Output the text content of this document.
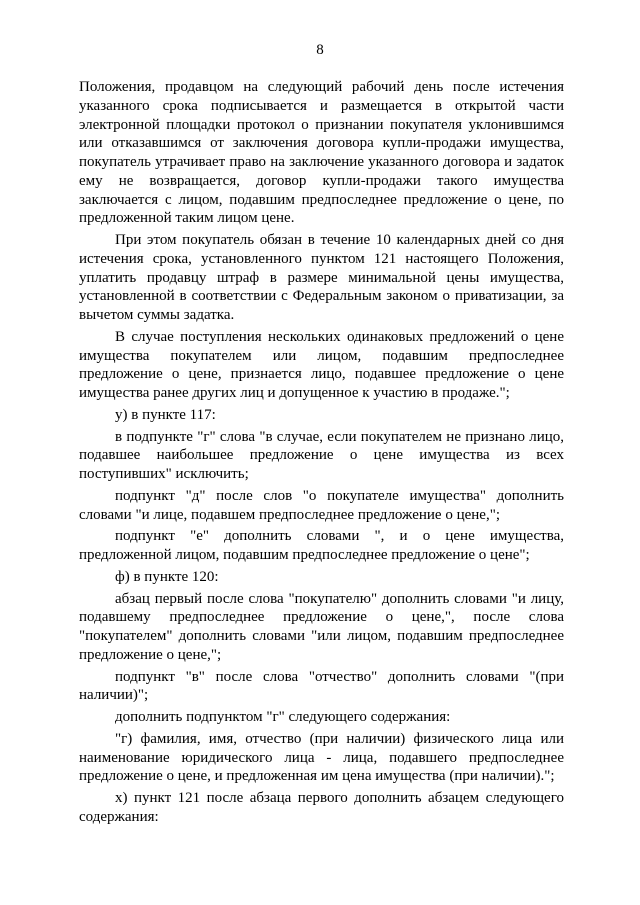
8

Положения, продавцом на следующий рабочий день после истечения указанного срока подписывается и размещается в открытой части электронной площадки протокол о признании покупателя уклонившимся или отказавшимся от заключения договора купли-продажи имущества, покупатель утрачивает право на заключение указанного договора и задаток ему не возвращается, договор купли-продажи такого имущества заключается с лицом, подавшим предпоследнее предложение о цене, по предложенной таким лицом цене.

При этом покупатель обязан в течение 10 календарных дней со дня истечения срока, установленного пунктом 121 настоящего Положения, уплатить продавцу штраф в размере минимальной цены имущества, установленной в соответствии с Федеральным законом о приватизации, за вычетом суммы задатка.

В случае поступления нескольких одинаковых предложений о цене имущества покупателем или лицом, подавшим предпоследнее предложение о цене, признается лицо, подавшее предложение о цене имущества ранее других лиц и допущенное к участию в продаже.";

у) в пункте 117:

в подпункте "г" слова "в случае, если покупателем не признано лицо, подавшее наибольшее предложение о цене имущества из всех поступивших" исключить;

подпункт "д" после слов "о покупателе имущества" дополнить словами "и лице, подавшем предпоследнее предложение о цене,";

подпункт "е" дополнить словами ", и о цене имущества, предложенной лицом, подавшим предпоследнее предложение о цене";

ф) в пункте 120:

абзац первый после слова "покупателю" дополнить словами "и лицу, подавшему предпоследнее предложение о цене,", после слова "покупателем" дополнить словами "или лицом, подавшим предпоследнее предложение о цене,";

подпункт "в" после слова "отчество" дополнить словами "(при наличии)";

дополнить подпунктом "г" следующего содержания:

"г) фамилия, имя, отчество (при наличии) физического лица или наименование юридического лица - лица, подавшего предпоследнее предложение о цене, и предложенная им цена имущества (при наличии).";

х) пункт 121 после абзаца первого дополнить абзацем следующего содержания:
